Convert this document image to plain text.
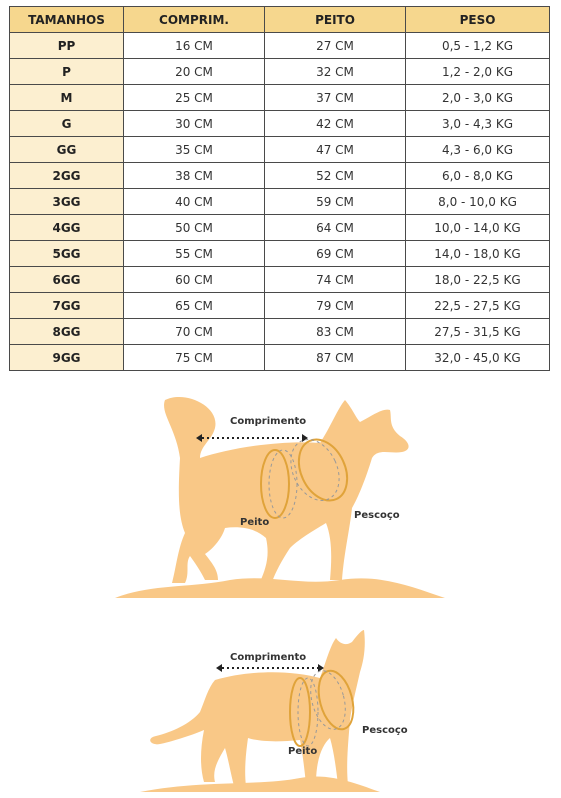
TAMANHOS	COMPRIM.	PEITO	PESO
PP	16 CM	27 CM	0,5 - 1,2 KG
P	20 CM	32 CM	1,2 - 2,0 KG
M	25 CM	37 CM	2,0 - 3,0 KG
G	30 CM	42 CM	3,0 - 4,3 KG
GG	35 CM	47 CM	4,3 - 6,0 KG
2GG	38 CM	52 CM	6,0 - 8,0 KG
3GG	40 CM	59 CM	8,0 - 10,0 KG
4GG	50 CM	64 CM	10,0 - 14,0 KG
5GG	55 CM	69 CM	14,0 - 18,0 KG
6GG	60 CM	74 CM	18,0 - 22,5 KG
7GG	65 CM	79 CM	22,5 - 27,5 KG
8GG	70 CM	83 CM	27,5 - 31,5 KG
9GG	75 CM	87 CM	32,0 - 45,0 KG
Comprimento
Peito
Pescoço
Comprimento
Peito
Pescoço
